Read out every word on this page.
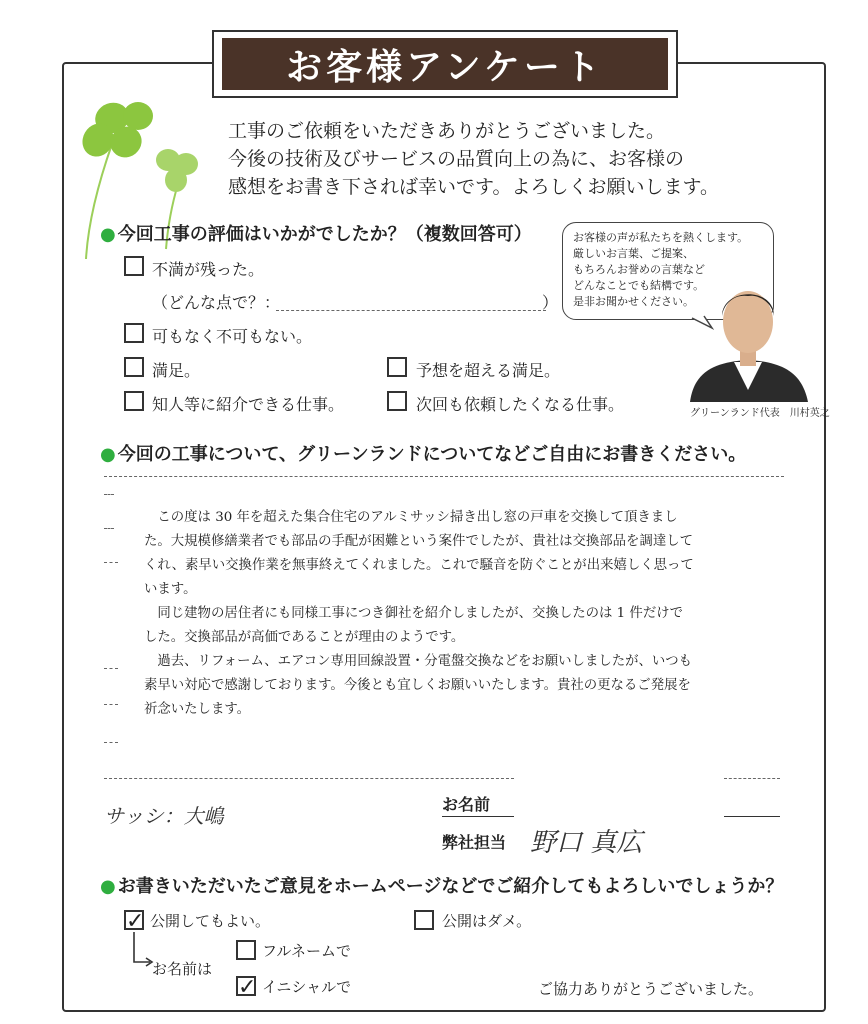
お客様アンケート
工事のご依頼をいただきありがとうございました。
今後の技術及びサービスの品質向上の為に、お客様の
感想をお書き下されば幸いです。よろしくお願いします。
● 今回工事の評価はいかがでしたか？（複数回答可）
不満が残った。
（どんな点で？：	）
可もなく不可もない。
満足。	予想を超える満足。
知人等に紹介できる仕事。	次回も依頼したくなる仕事。
お客様の声が私たちを熱くします。
厳しいお言葉、ご提案、
もちろんお誉めの言葉など
どんなことでも結構です。
是非お聞かせください。
グリーンランド代表　川村英之
● 今回の工事について、グリーンランドについてなどご自由にお書きください。

この度は 30 年を超えた集合住宅のアルミサッシ掃き出し窓の戸車を交換して頂きまし

た。大規模修繕業者でも部品の手配が困難という案件でしたが、貴社は交換部品を調達して

くれ、素早い交換作業を無事終えてくれました。これで騒音を防ぐことが出来嬉しく思って

います。

同じ建物の居住者にも同様工事につき御社を紹介しましたが、交換したのは 1 件だけで

した。交換部品が高価であることが理由のようです。

過去、リフォーム、エアコン専用回線設置・分電盤交換などをお願いしましたが、いつも

素早い対応で感謝しております。今後とも宜しくお願いいたします。貴社の更なるご発展を

祈念いたします。

サッシ：大嶋	お名前
弊社担当 野口 真広
● お書きいただいたご意見をホームページなどでご紹介してもよろしいでしょうか？
✓ 公開してもよい。	公開はダメ。
お名前は
フルネームで
✓ イニシャルで	ご協力ありがとうございました。
